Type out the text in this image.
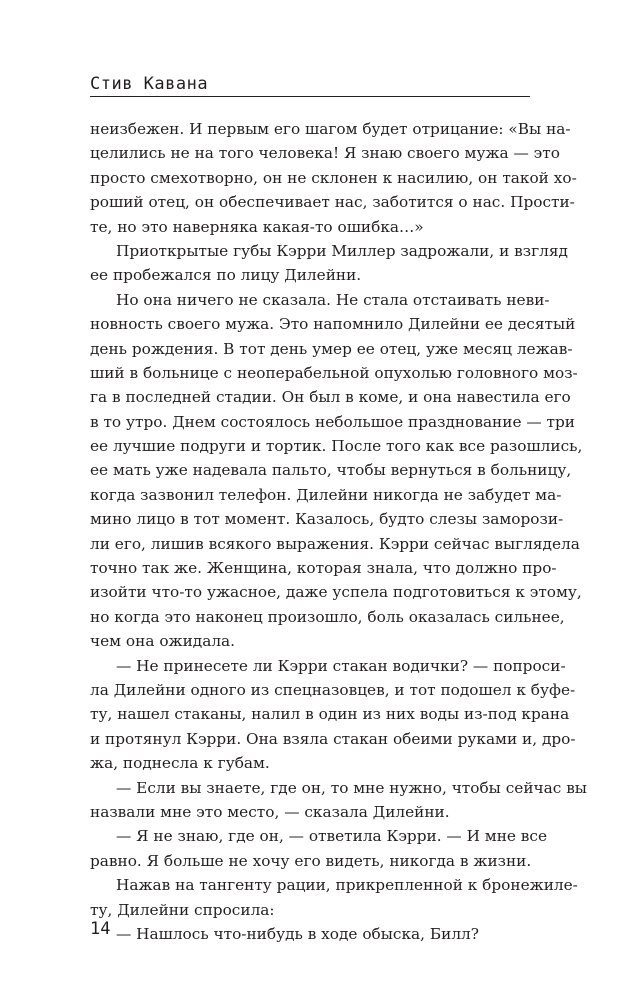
Стив Кавана
неизбежен. И первым его шагом будет отрицание: «Вы на-
целились не на того человека! Я знаю своего мужа — это
просто смехотворно, он не склонен к насилию, он такой хо-
роший отец, он обеспечивает нас, заботится о нас. Прости-
те, но это наверняка какая-то ошибка…»
Приоткрытые губы Кэрри Миллер задрожали, и взгляд
ее пробежался по лицу Дилейни.
Но она ничего не сказала. Не стала отстаивать неви-
новность своего мужа. Это напомнило Дилейни ее десятый
день рождения. В тот день умер ее отец, уже месяц лежав-
ший в больнице с неоперабельной опухолью головного моз-
га в последней стадии. Он был в коме, и она навестила его
в то утро. Днем состоялось небольшое празднование — три
ее лучшие подруги и тортик. После того как все разошлись,
ее мать уже надевала пальто, чтобы вернуться в больницу,
когда зазвонил телефон. Дилейни никогда не забудет ма-
мино лицо в тот момент. Казалось, будто слезы заморози-
ли его, лишив всякого выражения. Кэрри сейчас выглядела
точно так же. Женщина, которая знала, что должно про-
изойти что-то ужасное, даже успела подготовиться к этому,
но когда это наконец произошло, боль оказалась сильнее,
чем она ожидала.
— Не принесете ли Кэрри стакан водички? — попроси-
ла Дилейни одного из спецназовцев, и тот подошел к буфе-
ту, нашел стаканы, налил в один из них воды из-под крана
и протянул Кэрри. Она взяла стакан обеими руками и, дро-
жа, поднесла к губам.
— Если вы знаете, где он, то мне нужно, чтобы сейчас вы
назвали мне это место, — сказала Дилейни.
— Я не знаю, где он, — ответила Кэрри. — И мне все
равно. Я больше не хочу его видеть, никогда в жизни.
Нажав на тангенту рации, прикрепленной к бронежиле-
ту, Дилейни спросила:
— Нашлось что-нибудь в ходе обыска, Билл?
14
